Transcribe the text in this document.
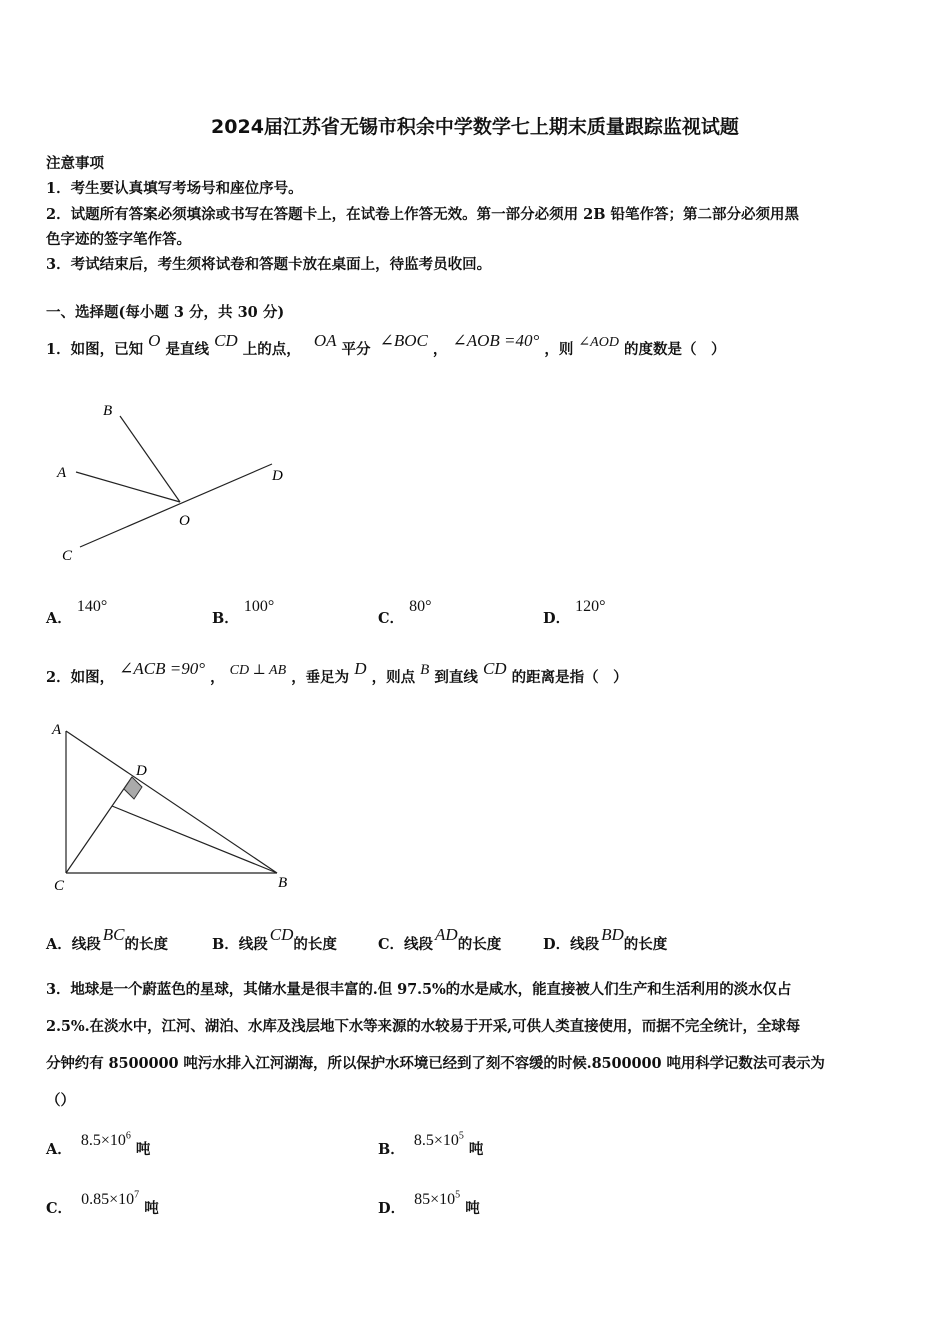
2024届江苏省无锡市积余中学数学七上期末质量跟踪监视试题
注意事项
1．考生要认真填写考场号和座位序号。
2．试题所有答案必须填涂或书写在答题卡上，在试卷上作答无效。第一部分必须用 2B 铅笔作答；第二部分必须用黑
色字迹的签字笔作答。
3．考试结束后，考生须将试卷和答题卡放在桌面上，待监考员收回。
一、选择题(每小题 3 分，共 30 分)
1．如图，已知 O 是直线 CD 上的点， OA 平分 ∠BOC ， ∠AOB =40° ，则 ∠AOD 的度数是（　）
B
A	D
O
C
A． 140°
B． 100°
C． 80°
D． 120°
2．如图， ∠ACB =90° ， CD ⊥ AB ，垂足为 D ，则点 B 到直线 CD 的距离是指（　）
A
D
C	B
A．线段BC的长度	B．线段CD的长度	C．线段AD的长度	D．线段BD的长度
3．地球是一个蔚蓝色的星球，其储水量是很丰富的.但 97.5%的水是咸水，能直接被人们生产和生活利用的淡水仅占
2.5%.在淡水中，江河、湖泊、水库及浅层地下水等来源的水较易于开采,可供人类直接使用，而据不完全统计，全球每
分钟约有 8500000 吨污水排入江河湖海，所以保护水环境已经到了刻不容缓的时候.8500000 吨用科学记数法可表示为
（）
A． $8.5\times 10^6$ 吨	B． $8.5\times 10^5$ 吨
C． $0.85\times 10^7$ 吨	D． $85\times 10^5$ 吨
